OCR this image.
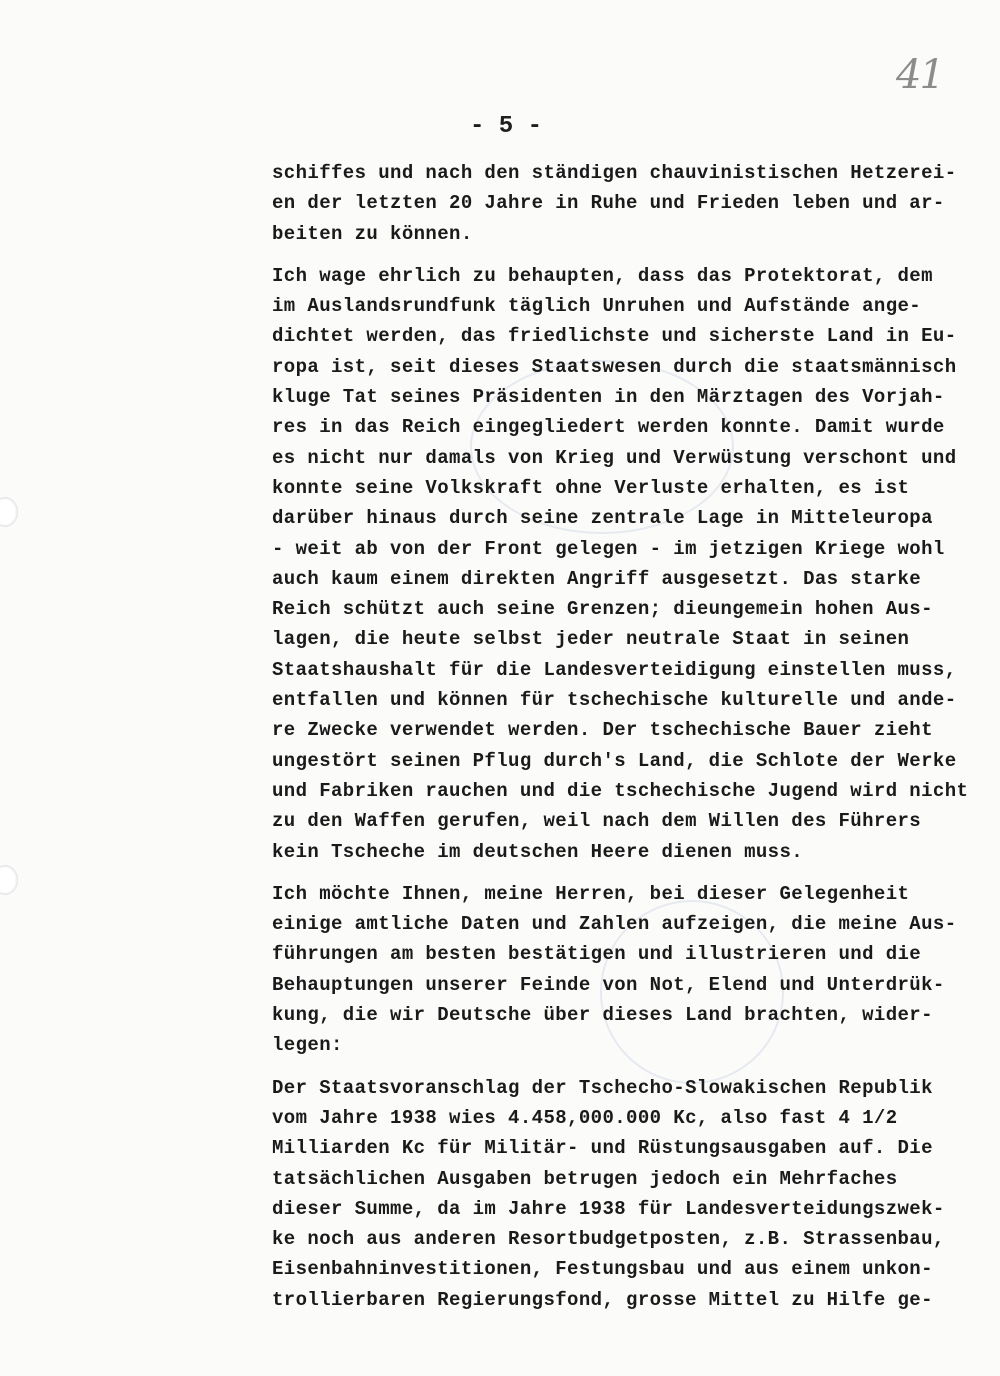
41
- 5 -
schiffes und nach den ständigen chauvinistischen Hetzerei-
en der letzten 20 Jahre in Ruhe und Frieden leben und ar-
beiten zu können.
Ich wage ehrlich zu behaupten, dass das Protektorat, dem
im Auslandsrundfunk täglich Unruhen und Aufstände ange-
dichtet werden, das friedlichste und sicherste Land in Eu-
ropa ist, seit dieses Staatswesen durch die staatsmännisch
kluge Tat seines Präsidenten in den Märztagen des Vorjah-
res in das Reich eingegliedert werden konnte. Damit wurde
es nicht nur damals von Krieg und Verwüstung verschont und
konnte seine Volkskraft ohne Verluste erhalten, es ist
darüber hinaus durch seine zentrale Lage in Mitteleuropa
- weit ab von der Front gelegen - im jetzigen Kriege wohl
auch kaum einem direkten Angriff ausgesetzt. Das starke
Reich schützt auch seine Grenzen; dieungemein hohen Aus-
lagen, die heute selbst jeder neutrale Staat in seinen
Staatshaushalt für die Landesverteidigung einstellen muss,
entfallen und können für tschechische kulturelle und ande-
re Zwecke verwendet werden. Der tschechische Bauer zieht
ungestört seinen Pflug durch's Land, die Schlote der Werke
und Fabriken rauchen und die tschechische Jugend wird nicht
zu den Waffen gerufen, weil nach dem Willen des Führers
kein Tscheche im deutschen Heere dienen muss.
Ich möchte Ihnen, meine Herren, bei dieser Gelegenheit
einige amtliche Daten und Zahlen aufzeigen, die meine Aus-
führungen am besten bestätigen und illustrieren und die
Behauptungen unserer Feinde von Not, Elend und Unterdrük-
kung, die wir Deutsche über dieses Land brachten, wider-
legen:
Der Staatsvoranschlag der Tschecho-Slowakischen Republik
vom Jahre 1938 wies 4.458,000.000 Kc, also fast 4 1/2
Milliarden Kc für Militär- und Rüstungsausgaben auf. Die
tatsächlichen Ausgaben betrugen jedoch ein Mehrfaches
dieser Summe, da im Jahre 1938 für Landesverteidungszwek-
ke noch aus anderen Resortbudgetposten, z.B. Strassenbau,
Eisenbahninvestitionen, Festungsbau und aus einem unkon-
trollierbaren Regierungsfond, grosse Mittel zu Hilfe ge-
